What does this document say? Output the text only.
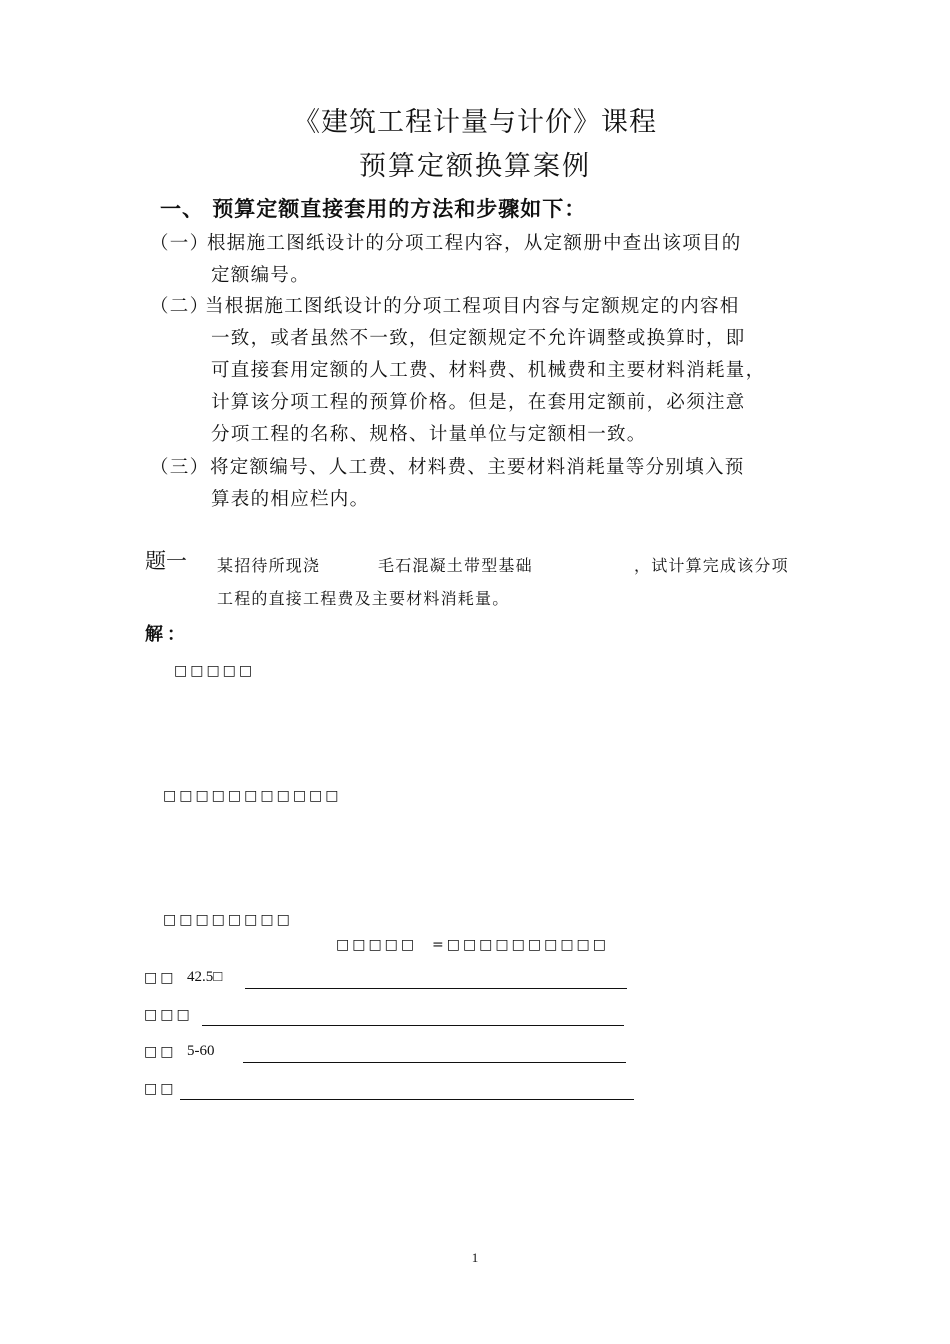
《建筑工程计量与计价》课程
预算定额换算案例
一、 预算定额直接套用的方法和步骤如下：
（一）
根据施工图纸设计的分项工程内容，从定额册中查出该项目的
定额编号。
（二）
当根据施工图纸设计的分项工程项目内容与定额规定的内容相
一致，或者虽然不一致，但定额规定不允许调整或换算时，即
可直接套用定额的人工费、材料费、机械费和主要材料消耗量，
计算该分项工程的预算价格。但是，在套用定额前，必须注意
分项工程的名称、规格、计量单位与定额相一致。
（三） 将定额编号、人工费、材料费、主要材料消耗量等分别填入预
算表的相应栏内。
题一 某招待所现浇	毛石混凝土带型基础	，试计算完成该分项
工程的直接工程费及主要材料消耗量。
解：
□□□□□
□□□□□□□□□□□
□□□□□□□□
□□□□□ =□□□□□□□□□□
□□ 42.5□
□□□
□□ 5-60
□□
1
